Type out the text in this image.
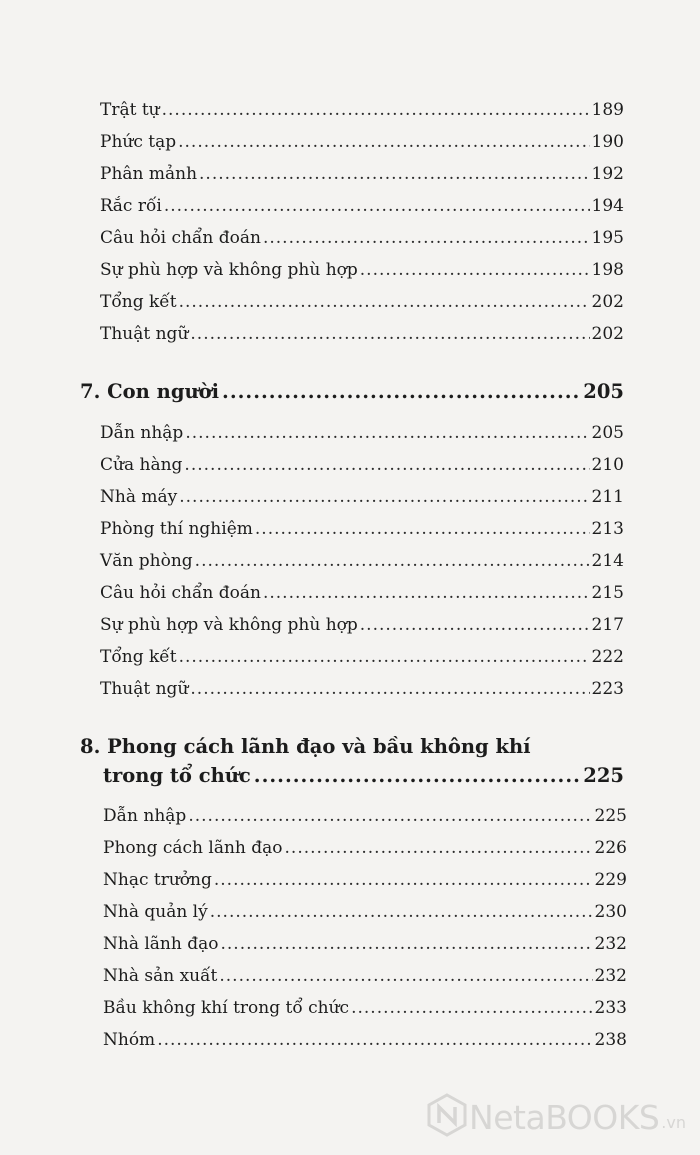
Trật tự .....	189
Phức tạp .....	190
Phân mảnh .....	192
Rắc rối .....	194
Câu hỏi chẩn đoán .....	195
Sự phù hợp và không phù hợp .....	198
Tổng kết .....	202
Thuật ngữ .....	202
7. Con người .....	205
Dẫn nhập .....	205
Cửa hàng .....	210
Nhà máy .....	211
Phòng thí nghiệm .....	213
Văn phòng .....	214
Câu hỏi chẩn đoán .....	215
Sự phù hợp và không phù hợp .....	217
Tổng kết .....	222
Thuật ngữ .....	223
8. Phong cách lãnh đạo và bầu không khí
trong tổ chức .....	225
Dẫn nhập .....	225
Phong cách lãnh đạo .....	226
Nhạc trưởng .....	229
Nhà quản lý .....	230
Nhà lãnh đạo .....	232
Nhà sản xuất .....	232
Bầu không khí trong tổ chức .....	233
Nhóm .....	238
NetaBOOKS .vn
